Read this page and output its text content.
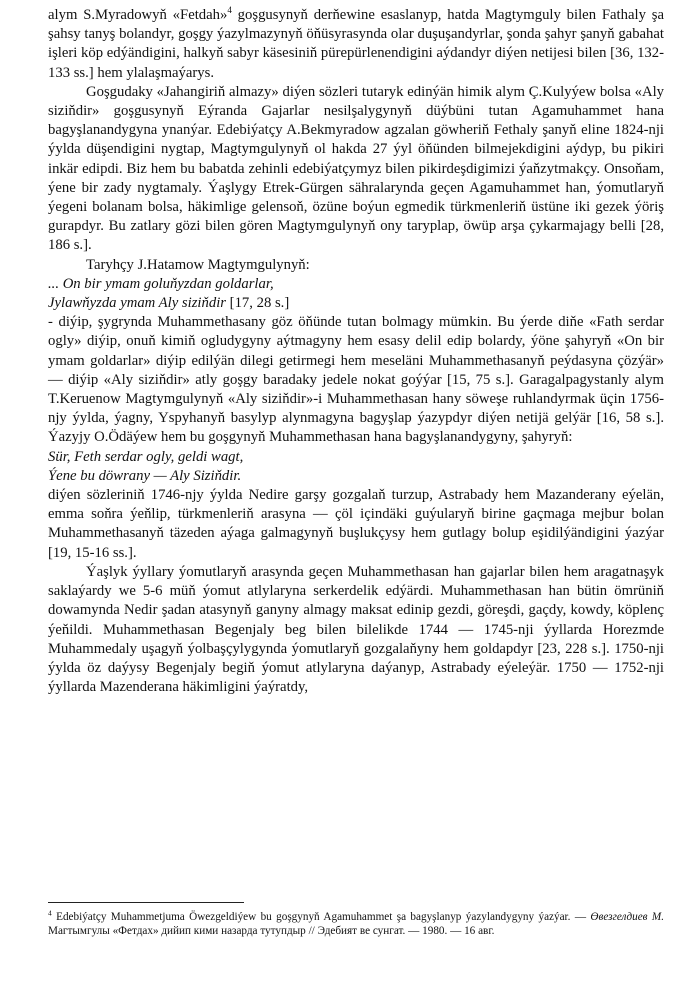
alym S.Myradowyň «Fetdah»$^4$ goşgusynyň derňewine esaslanyp, hatda Magtymguly bilen Fathaly şa şahsy tanyş bolandyr, goşgy ýazylmazynyň öňüsyrasynda olar duşuşandyrlar, şonda şahyr şanyň gabahat işleri köp edýändigini, halkyň sabyr käsesiniň pürepürlenendigini aýdandyr diýen netijesi bilen [36, 132-133 ss.] hem ylalaşmaýarys.

Goşgudaky «Jahangiriň almazy» diýen sözleri tutaryk edinýän himik alym Ç.Kulyýew bolsa «Aly siziňdir» goşgusynyň Eýranda Gajarlar nesilşalygynyň düýbüni tutan Agamuhammet hana bagyşlanandygyna ynanýar. Edebiýatçy A.Bekmyradow agzalan göwheriň Fethaly şanyň eline 1824-nji ýylda düşendigini nygtap, Magtymgulynyň ol hakda 27 ýyl öňünden bilmejekdigini aýdyp, bu pikiri inkär edipdi. Biz hem bu babatda zehinli edebiýatçymyz bilen pikirdeşdigimizi ýaňzytmakçy. Onsoňam, ýene bir zady nygtamaly. Ýaşlygy Etrek-Gürgen sähralarynda geçen Agamuhammet han, ýomutlaryň ýegeni bolanam bolsa, häkimlige gelensoň, özüne boýun egmedik türkmenleriň üstüne iki gezek ýöriş gurapdyr. Bu zatlary gözi bilen gören Magtymgulynyň ony taryplap, öwüp arşa çykarmajagy belli [28, 186 s.].

Taryhçy J.Hatamow Magtymgulynyň:

... On bir ymam goluňyzdan goldarlar,

Jylawňyzda ymam Aly siziňdir [17, 28 s.]

- diýip, şygrynda Muhammethasany göz öňünde tutan bolmagy mümkin. Bu ýerde diňe «Fath serdar ogly» diýip, onuň kimiň ogludygyny aýtmagyny hem esasy delil edip bolardy, ýöne şahyryň «On bir ymam goldarlar» diýip edilýän dilegi getirmegi hem meseläni Muhammethasanyň peýdasyna çözýär» — diýip «Aly siziňdir» atly goşgy baradaky jedele nokat goýýar [15, 75 s.]. Garagalpagystanly alym T.Keruenow Magtymgulynyň «Aly siziňdir»-i Muhammethasan hany söweşe ruhlandyrmak üçin 1756-njy ýylda, ýagny, Yspyhanyň basylyp alynmagyna bagyşlap ýazypdyr diýen netijä gelýär [16, 58 s.]. Ýazyjy O.Ödäýew hem bu goşgynyň Muhammethasan hana bagyşlanandygyny, şahyryň:

Sür, Feth serdar ogly, geldi wagt,

Ýene bu döwrany — Aly Siziňdir.

diýen sözleriniň 1746-njy ýylda Nedire garşy gozgalaň turzup, Astrabady hem Mazanderany eýelän, emma soňra ýeňlip, türkmenleriň arasyna — çöl içindäki guýularyň birine gaçmaga mejbur bolan Muhammethasanyň täzeden aýaga galmagynyň buşlukçysy hem gutlagy bolup eşidilýändigini ýazýar [19, 15-16 ss.].

Ýaşlyk ýyllary ýomutlaryň arasynda geçen Muhammethasan han gajarlar bilen hem aragatnaşyk saklaýardy we 5-6 müň ýomut atlylaryna serkerdelik edýärdi. Muhammethasan han bütin ömrüniň dowamynda Nedir şadan atasynyň ganyny almagy maksat edinip gezdi, göreşdi, gaçdy, kowdy, köplenç ýeňildi. Muhammethasan Begenjaly beg bilen bilelikde 1744 — 1745-nji ýyllarda Horezmde Muhammedaly uşagyň ýolbaşçylygynda ýomutlaryň gozgalaňyny hem goldapdyr [23, 228 s.]. 1750-nji ýylda öz daýysy Begenjaly begiň ýomut atlylaryna daýanyp, Astrabady eýeleýär. 1750 — 1752-nji ýyllarda Mazenderana häkimligini ýaýratdy,

$^4$ Edebiýatçy Muhammetjuma Öwezgeldiýew bu goşgynyň Agamuhammet şa bagyşlanyp ýazylandygyny ýazýar. — Өвезгелдиев М. Магтымгулы «Фетдах» дийип кими назарда тутупдыр // Эдебият ве сунгат. — 1980. — 16 авг.
